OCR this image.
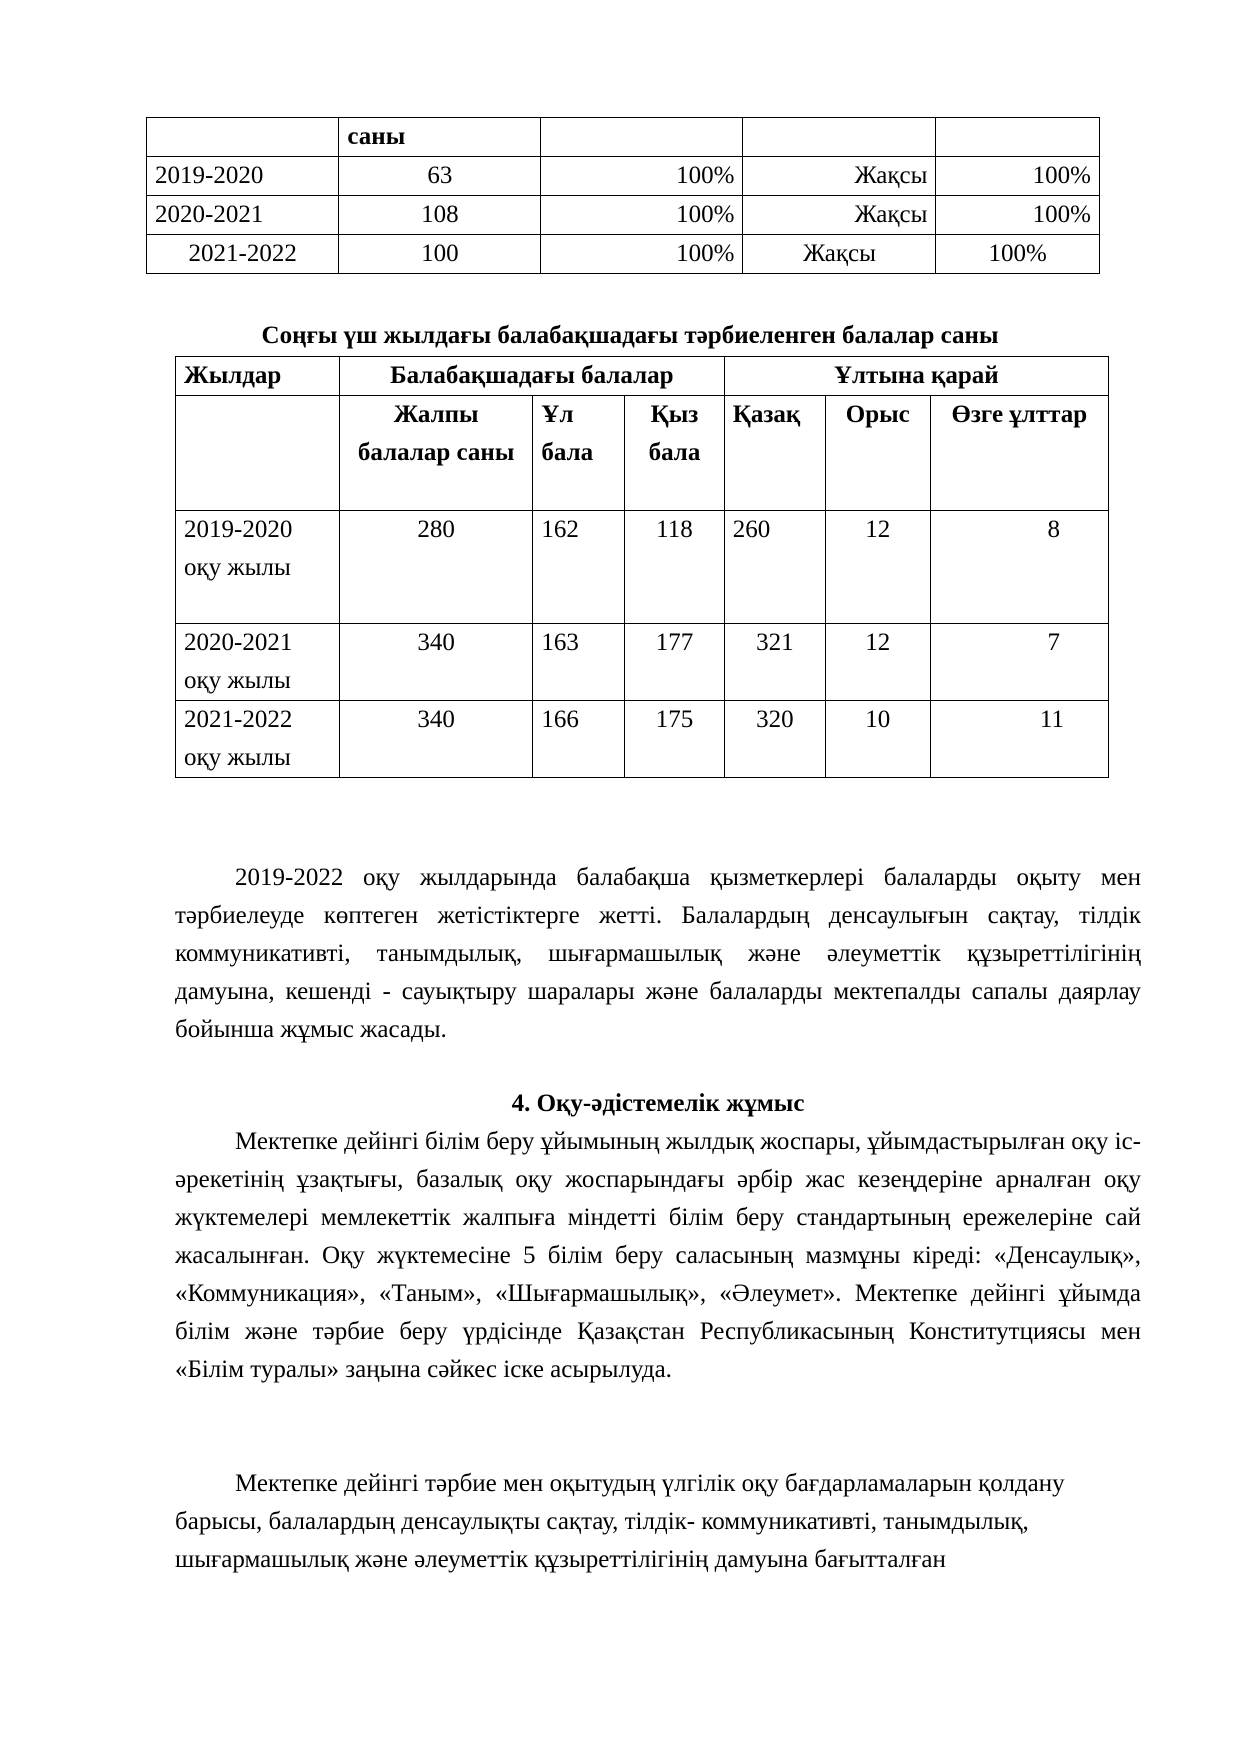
	саны			
2019-2020	63	100%	Жақсы	100%
2020-2021	108	100%	Жақсы	100%
2021-2022	100	100%	Жақсы	100%
Соңғы үш жылдағы балабақшадағы тәрбиеленген балалар саны
Жылдар	Балабақшадағы балалар			Ұлтына қарай		
	Жалпы балалар саны	Ұл бала	Қыз бала	Қазақ	Орыс	Өзге ұлттар
2019-2020 оқу жылы	280	162	118	260	12	8
2020-2021 оқу жылы	340	163	177	321	12	7
2021-2022 оқу жылы	340	166	175	320	10	11

2019-2022 оқу жылдарында балабақша қызметкерлері балаларды оқыту мен тәрбиелеуде көптеген жетістіктерге жетті. Балалардың денсаулығын сақтау, тілдік коммуникативті, танымдылық, шығармашылық және әлеуметтік құзыреттілігінің дамуына, кешенді - сауықтыру шаралары және балаларды мектепалды сапалы даярлау бойынша жұмыс жасады.

4. Оқу-әдістемелік жұмыс

Мектепке дейінгі білім беру ұйымының жылдық жоспары, ұйымдастырылған оқу іс-әрекетінің ұзақтығы, базалық оқу жоспарындағы әрбір жас кезеңдеріне арналған оқу жүктемелері мемлекеттік жалпыға міндетті білім беру стандартының ережелеріне сай жасалынған. Оқу жүктемесіне 5 білім беру саласының мазмұны кіреді: «Денсаулық», «Коммуникация», «Таным», «Шығармашылық», «Әлеумет». Мектепке дейінгі ұйымда білім және тәрбие беру үрдісінде Қазақстан Республикасының Конститутциясы мен «Білім туралы» заңына сәйкес іске асырылуда.

Мектепке дейінгі тәрбие мен оқытудың үлгілік оқу бағдарламаларын қолдану барысы, балалардың денсаулықты сақтау, тілдік- коммуникативті, танымдылық, шығармашылық және әлеуметтік құзыреттілігінің дамуына бағытталған
